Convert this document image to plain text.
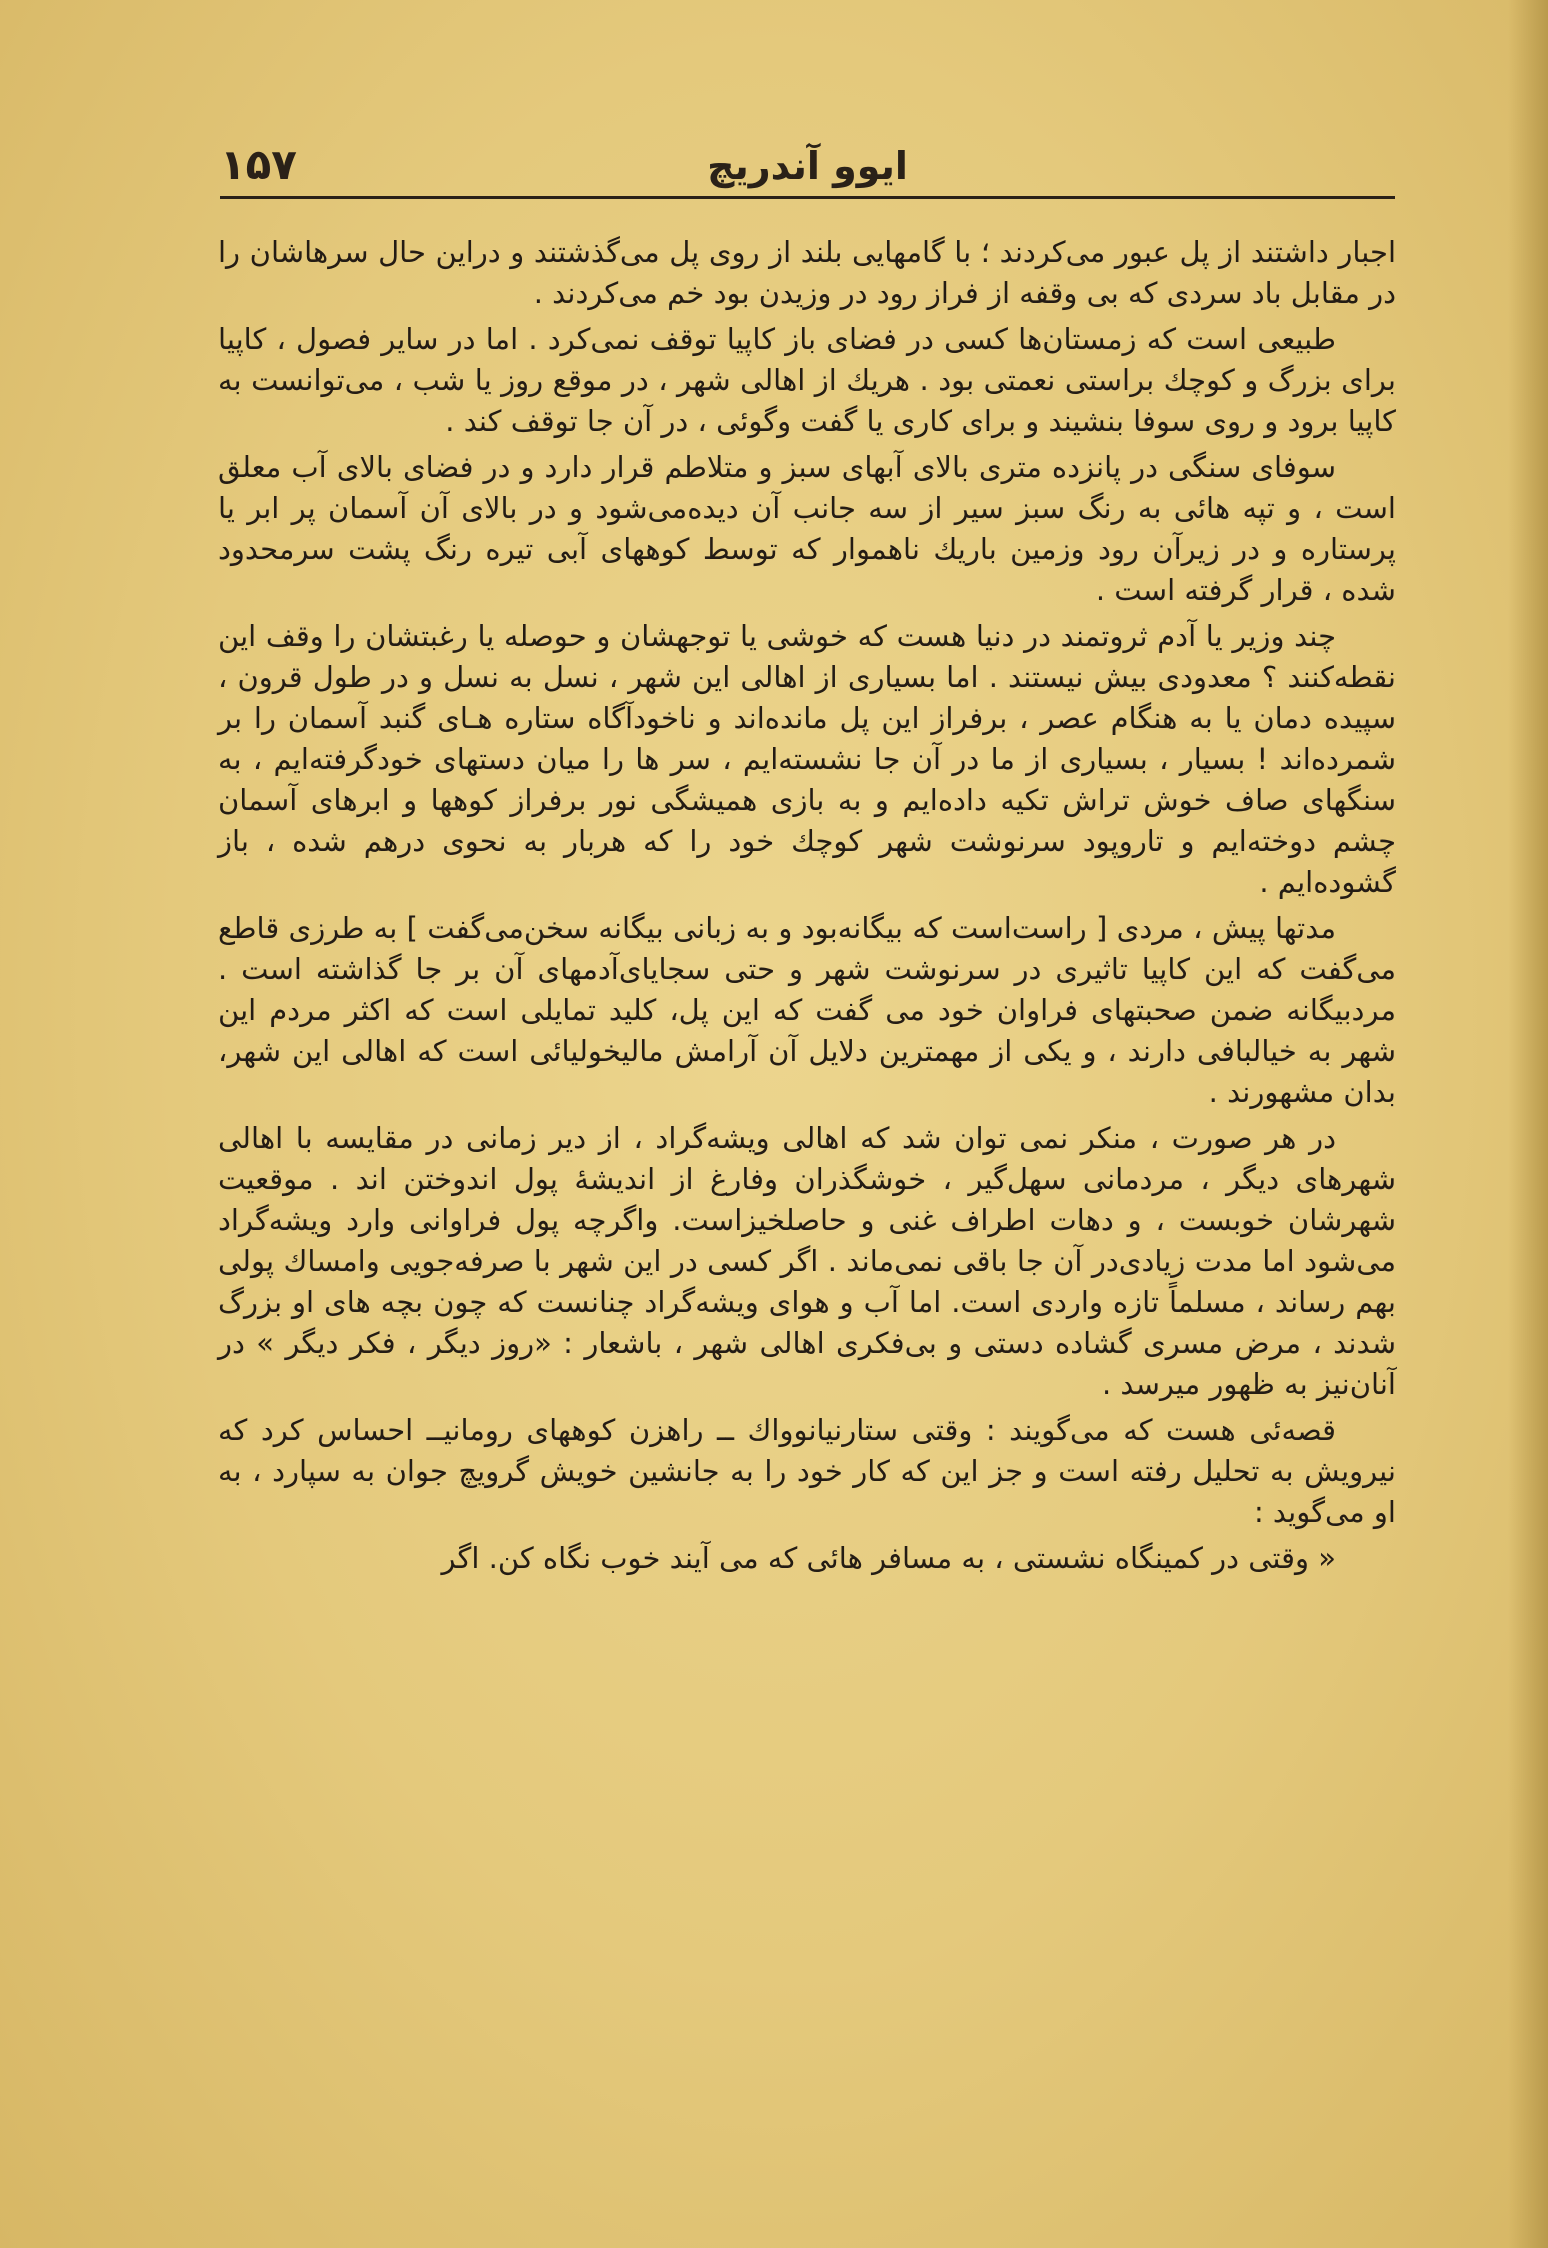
۱۵۷	ایوو آندریچ

اجبار داشتند از پل عبور می‌کردند ؛ با گامهایی بلند از روی پل می‌گذشتند و دراین حال سرهاشان را در مقابل باد سردی که بی وقفه از فراز رود در وزیدن بود خم می‌کردند .

طبیعی است که زمستان‌ها کسی در فضای باز کاپیا توقف نمی‌کرد . اما در سایر فصول ، کاپیا برای بزرگ و کوچك براستی نعمتی بود . هریك از اهالی شهر ، در موقع روز یا شب ، می‌توانست به کاپیا برود و روی سوفا بنشیند و برای کاری یا گفت وگوئی ، در آن جا توقف کند .

سوفای سنگی در پانزده متری بالای آبهای سبز و متلاطم قرار دارد و در فضای بالای آب معلق است ، و تپه هائی به رنگ سبز سیر از سه جانب آن دیده‌می‌شود و در بالای آن آسمان پر ابر یا پرستاره و در زیرآن رود وزمین باریك ناهموار که توسط کوههای آبی تیره رنگ پشت سرمحدود شده ، قرار گرفته است .

چند وزیر یا آدم ثروتمند در دنیا هست که خوشی یا توجهشان و حوصله یا رغبتشان را وقف این نقطه‌کنند ؟ معدودی بیش نیستند . اما بسیاری از اهالی این شهر ، نسل به نسل و در طول قرون ، سپیده دمان یا به هنگام عصر ، برفراز این پل مانده‌اند و ناخودآگاه ستاره هـای گنبد آسمان را بر شمرده‌اند ! بسیار ، بسیاری از ما در آن جا نشسته‌ایم ، سر ها را میان دستهای خودگرفته‌ایم ، به سنگهای صاف خوش تراش تکیه داده‌ایم و به بازی همیشگی نور برفراز کوهها و ابرهای آسمان چشم دوخته‌ایم و تاروپود سرنوشت شهر کوچك خود را که هربار به نحوی درهم شده ، باز گشوده‌ایم .

مدتها پیش ، مردی [ راست‌است که بیگانه‌بود و به زبانی بیگانه سخن‌می‌گفت ] به طرزی قاطع می‌گفت که این کاپیا تاثیری در سرنوشت شهر و حتی سجایای‌آدمهای آن بر جا گذاشته است . مردبیگانه ضمن صحبتهای فراوان خود می گفت که این پل، کلید تمایلی است که اکثر مردم این شهر به خیالبافی دارند ، و یکی از مهمترین دلایل آن آرامش مالیخولیائی است که اهالی این شهر، بدان مشهورند .

در هر صورت ، منکر نمی توان شد که اهالی ویشه‌گراد ، از دیر زمانی در مقایسه با اهالی شهرهای دیگر ، مردمانی سهل‌گیر ، خوشگذران وفارغ از اندیشهٔ پول اندوختن اند . موقعیت شهرشان خوبست ، و دهات اطراف غنی و حاصلخیزاست. واگرچه پول فراوانی وارد ویشه‌گراد می‌شود اما مدت زیادی‌در آن جا باقی نمی‌ماند . اگر کسی در این شهر با صرفه‌جویی وامساك پولی بهم رساند ، مسلماً تازه واردی است. اما آب و هوای ویشه‌گراد چنانست که چون بچه های او بزرگ شدند ، مرض مسری گشاده دستی و بی‌فکری اهالی شهر ، باشعار : «روز دیگر ، فکر دیگر » در آنان‌نیز به ظهور میرسد .

قصه‌ئی هست که می‌گویند : وقتی ستارنیانوواك ــ راهزن کوههای رومانیــ احساس کرد که نیرویش به تحلیل رفته است و جز این که کار خود را به جانشین خویش گرویچ جوان به سپارد ، به او می‌گوید :

« وقتی در کمینگاه نشستی ، به مسافر هائی که می آیند خوب نگاه کن. اگر
